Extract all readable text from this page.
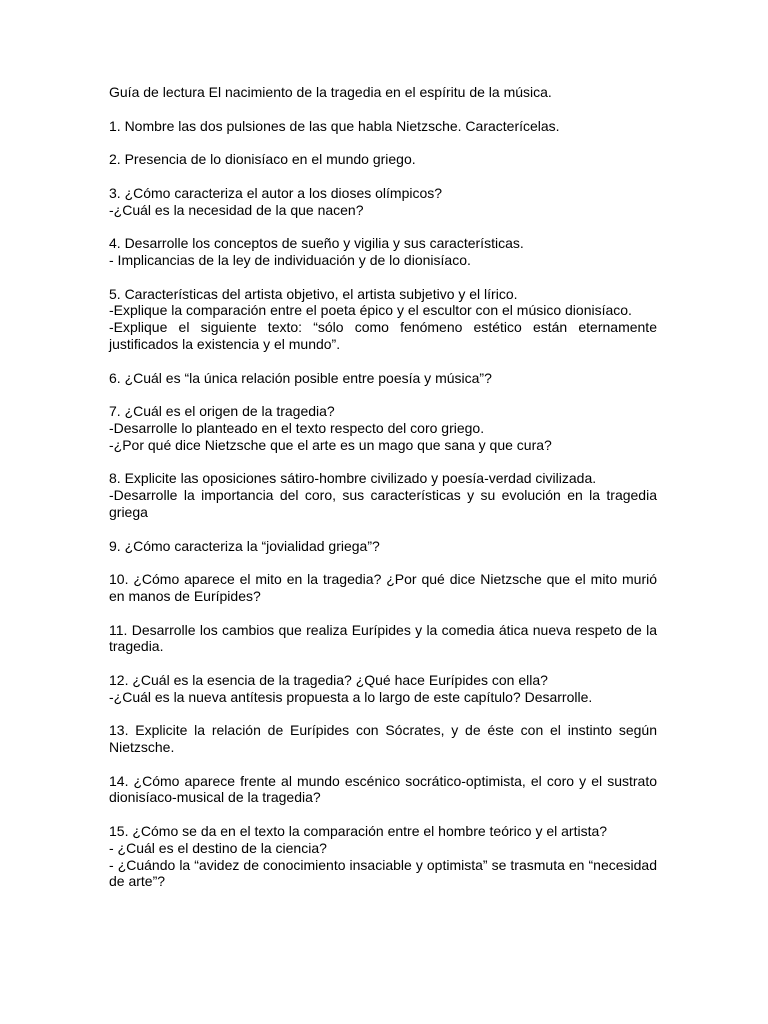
Guía de lectura El nacimiento de la tragedia en el espíritu de la música.

1. Nombre las dos pulsiones de las que habla Nietzsche. Caracterícelas.
2. Presencia de lo dionisíaco en el mundo griego.
3. ¿Cómo caracteriza el autor a los dioses olímpicos?
-¿Cuál es la necesidad de la que nacen?
4. Desarrolle los conceptos de sueño y vigilia y sus características.
- Implicancias de la ley de individuación y de lo dionisíaco.
5. Características del artista objetivo, el artista subjetivo y el lírico.
-Explique la comparación entre el poeta épico y el escultor con el músico dionisíaco.
-Explique el siguiente texto: “sólo como fenómeno estético están eternamente justificados la existencia y el mundo”.
6. ¿Cuál es “la única relación posible entre poesía y música”?
7. ¿Cuál es el origen de la tragedia?
-Desarrolle lo planteado en el texto respecto del coro griego.
-¿Por qué dice Nietzsche que el arte es un mago que sana y que cura?
8. Explicite las oposiciones sátiro-hombre civilizado y poesía-verdad civilizada.
-Desarrolle la importancia del coro, sus características y su evolución en la tragedia griega
9. ¿Cómo caracteriza la “jovialidad griega”?
10. ¿Cómo aparece el mito en la tragedia? ¿Por qué dice Nietzsche que el mito murió en manos de Eurípides?
11. Desarrolle los cambios que realiza Eurípides y la comedia ática nueva respeto de la tragedia.
12. ¿Cuál es la esencia de la tragedia? ¿Qué hace Eurípides con ella?
-¿Cuál es la nueva antítesis propuesta a lo largo de este capítulo? Desarrolle.
13. Explicite la relación de Eurípides con Sócrates, y de éste con el instinto según Nietzsche.
14. ¿Cómo aparece frente al mundo escénico socrático-optimista, el coro y el sustrato dionisíaco-musical de la tragedia?
15. ¿Cómo se da en el texto la comparación entre el hombre teórico y el artista?
- ¿Cuál es el destino de la ciencia?
- ¿Cuándo la “avidez de conocimiento insaciable y optimista” se trasmuta en “necesidad de arte”?
